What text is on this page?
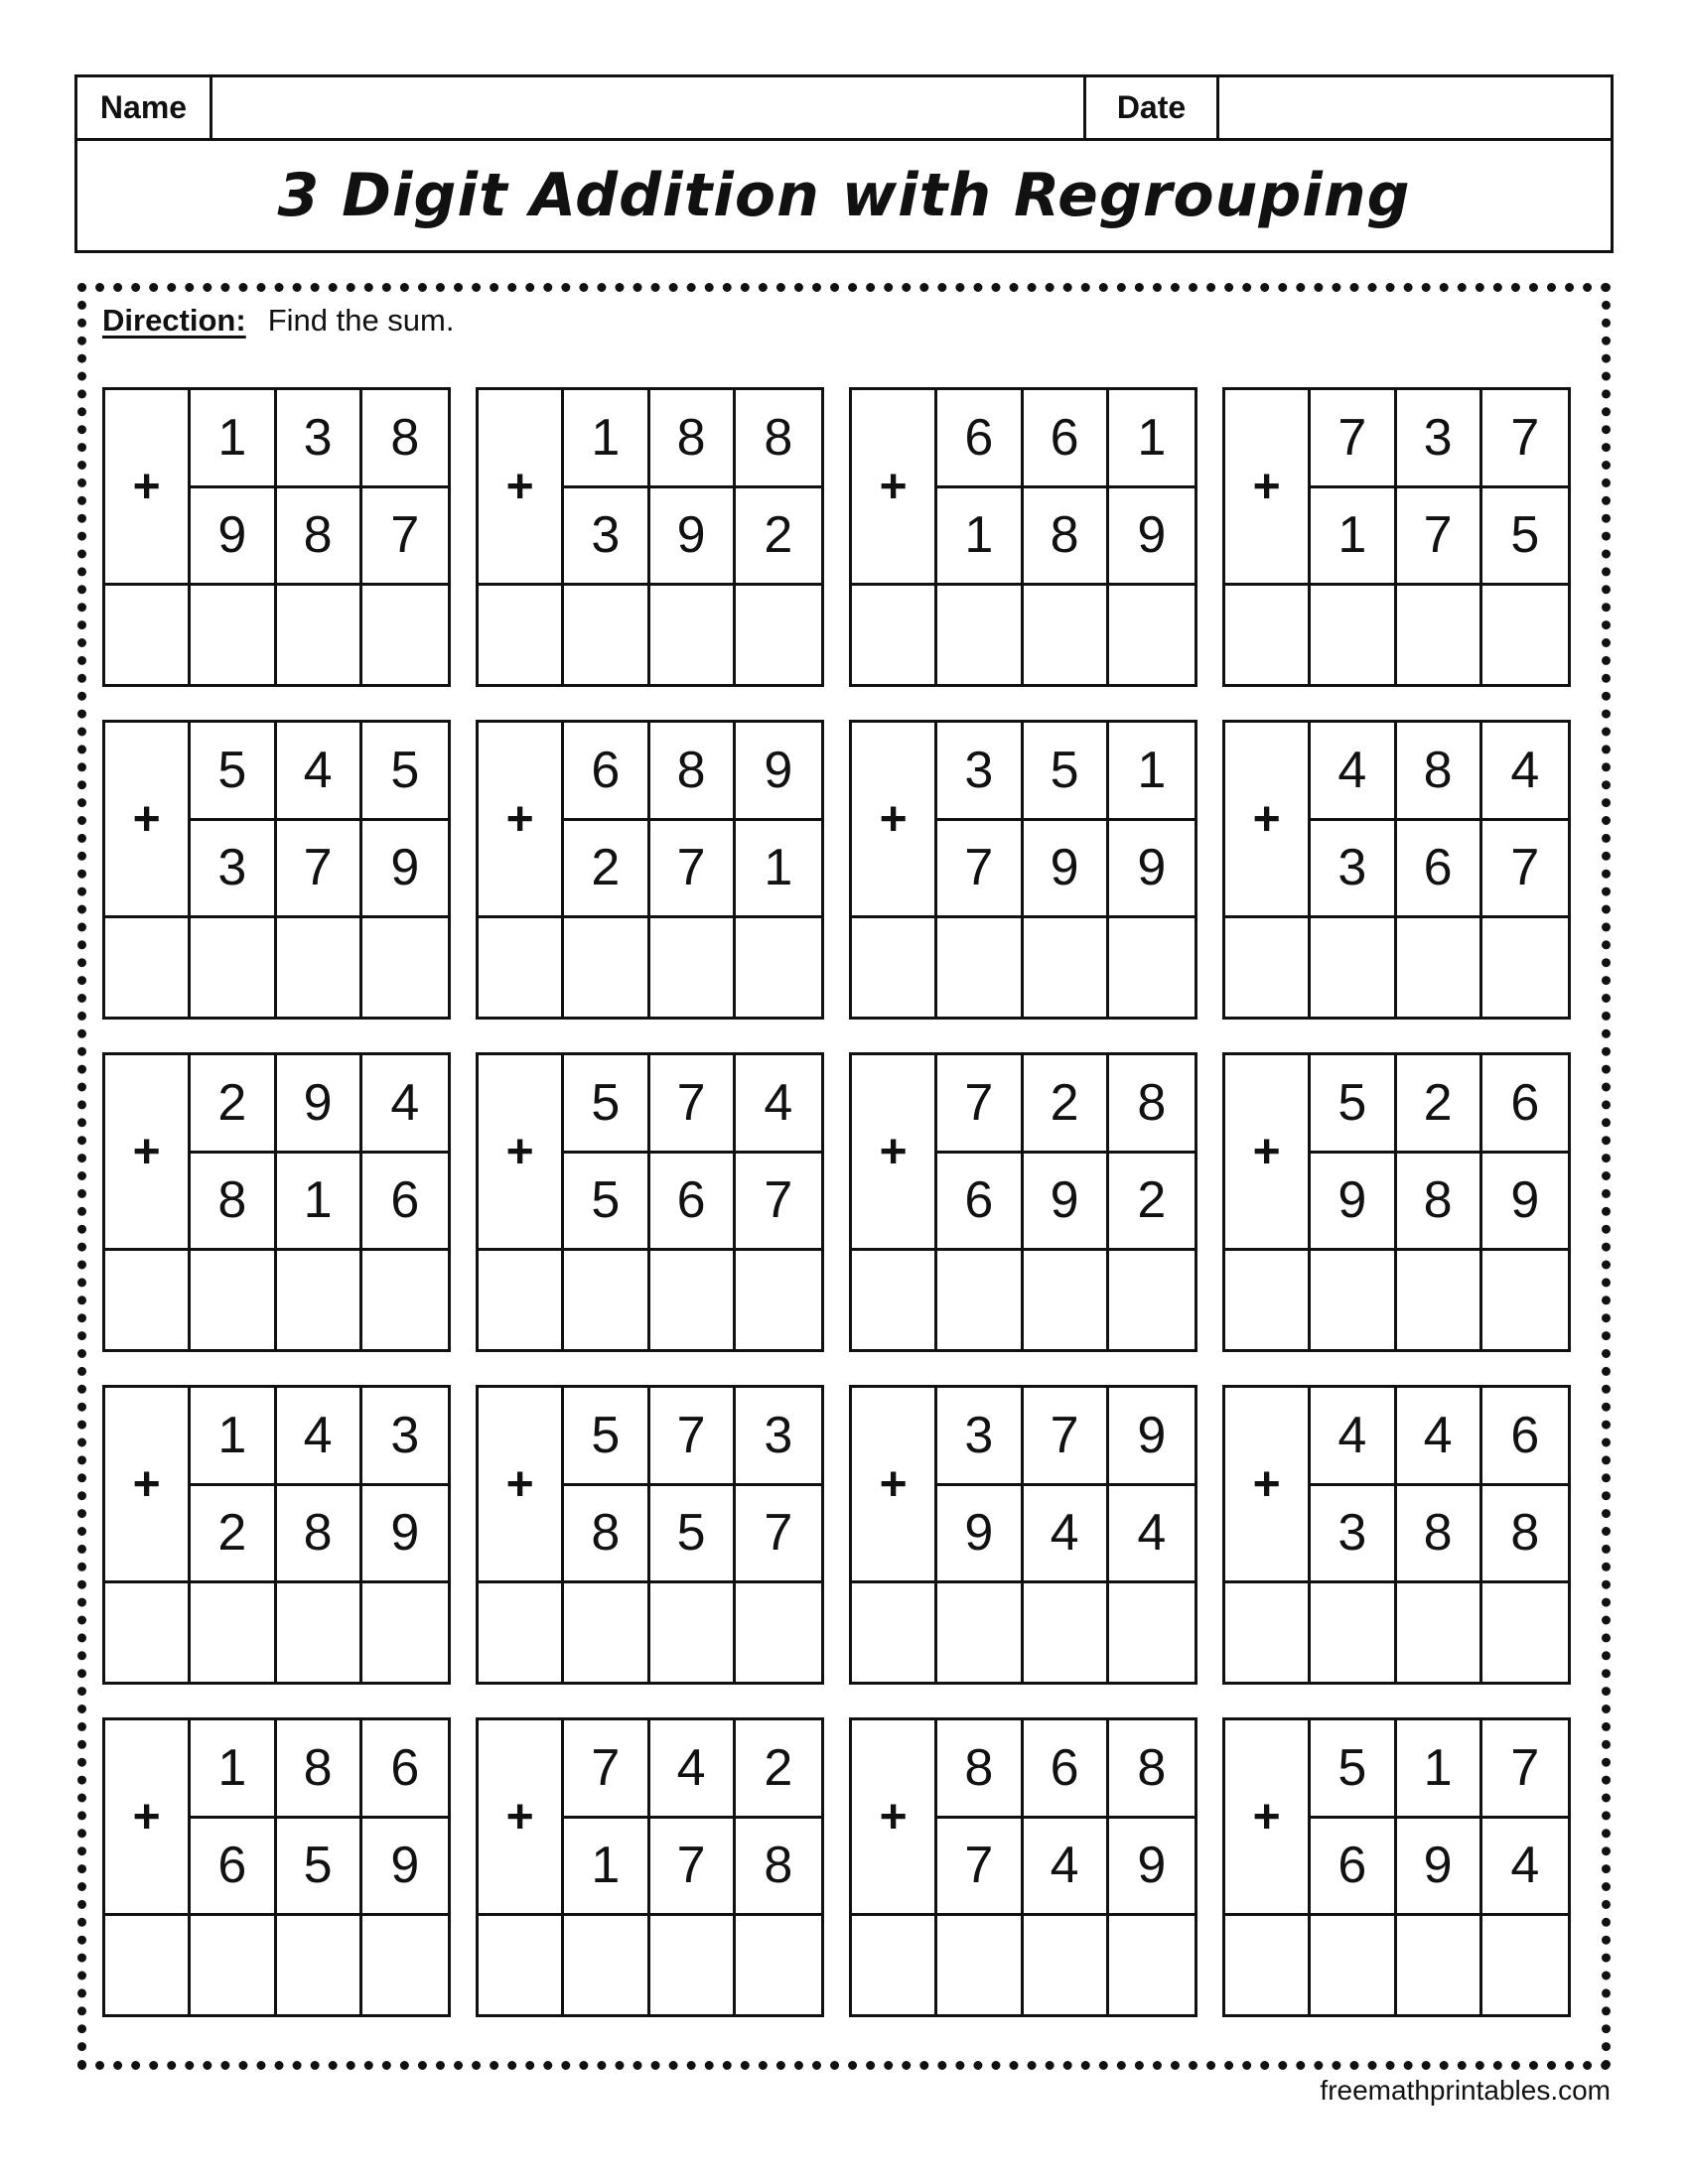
Name	Date
3 Digit Addition with Regrouping
Direction: Find the sum.
+
1	3	8
9	8	7
+
1	8	8
3	9	2
+
6	6	1
1	8	9
+
7	3	7
1	7	5
+
5	4	5
3	7	9
+
6	8	9
2	7	1
+
3	5	1
7	9	9
+
4	8	4
3	6	7
+
2	9	4
8	1	6
+
5	7	4
5	6	7
+
7	2	8
6	9	2
+
5	2	6
9	8	9
+
1	4	3
2	8	9
+
5	7	3
8	5	7
+
3	7	9
9	4	4
+
4	4	6
3	8	8
+
1	8	6
6	5	9
+
7	4	2
1	7	8
+
8	6	8
7	4	9
+
5	1	7
6	9	4
freemathprintables.com
